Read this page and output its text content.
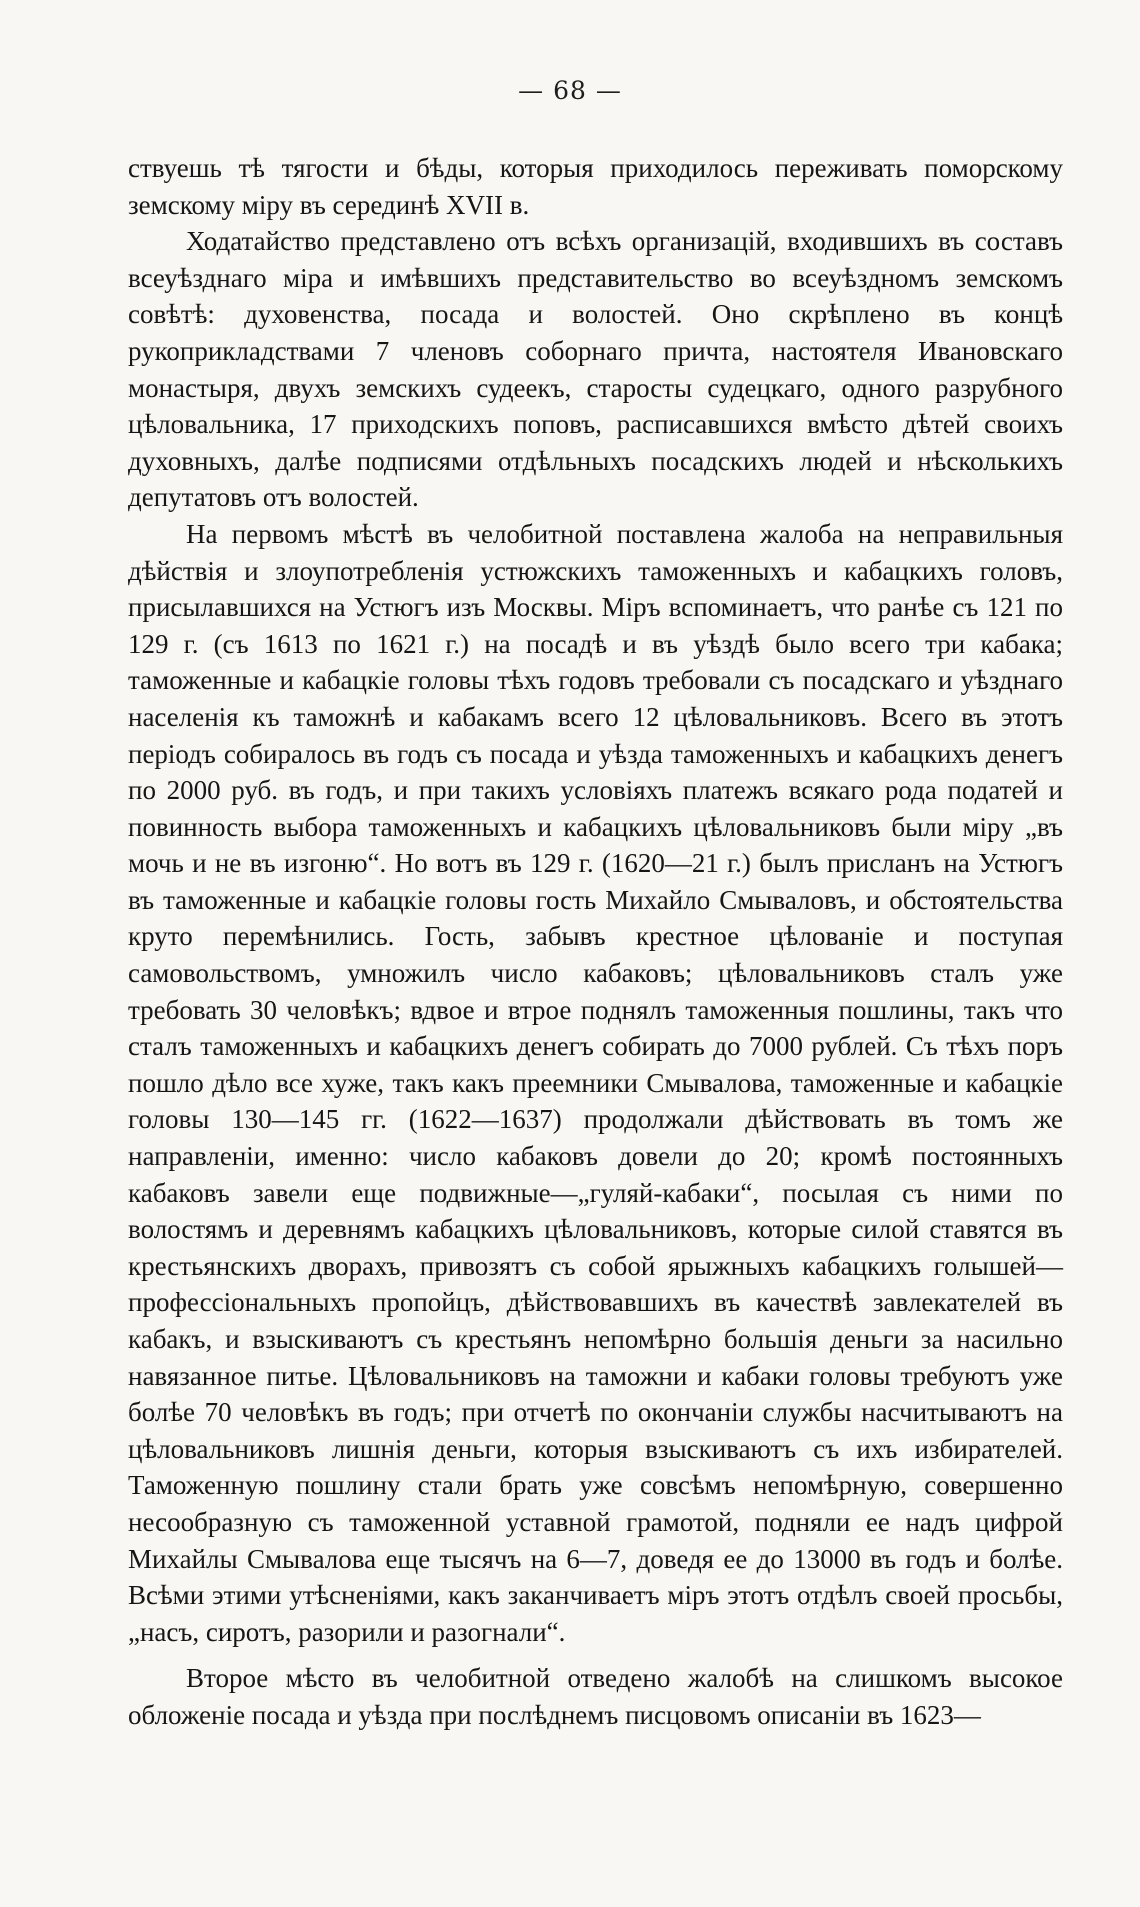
— 68 —

ствуешь тѣ тягости и бѣды, которыя приходилось переживать поморскому земскому міру въ серединѣ XVII в.

Ходатайство представлено отъ всѣхъ организацій, входившихъ въ составъ всеуѣзднаго міра и имѣвшихъ представительство во всеуѣздномъ земскомъ совѣтѣ: духовенства, посада и волостей. Оно скрѣплено въ концѣ рукоприкладствами 7 членовъ соборнаго причта, настоятеля Ивановскаго монастыря, двухъ земскихъ судеекъ, старосты судецкаго, одного разрубного цѣловальника, 17 приходскихъ поповъ, расписавшихся вмѣсто дѣтей своихъ духовныхъ, далѣе подписями отдѣльныхъ посадскихъ людей и нѣсколькихъ депутатовъ отъ волостей.

На первомъ мѣстѣ въ челобитной поставлена жалоба на неправильныя дѣйствія и злоупотребленія устюжскихъ таможенныхъ и кабацкихъ головъ, присылавшихся на Устюгъ изъ Москвы. Міръ вспоминаетъ, что ранѣе съ 121 по 129 г. (съ 1613 по 1621 г.) на посадѣ и въ уѣздѣ было всего три кабака; таможенные и кабацкіе головы тѣхъ годовъ требовали съ посадскаго и уѣзднаго населенія къ таможнѣ и кабакамъ всего 12 цѣловальниковъ. Всего въ этотъ періодъ собиралось въ годъ съ посада и уѣзда таможенныхъ и кабацкихъ денегъ по 2000 руб. въ годъ, и при такихъ условіяхъ платежъ всякаго рода податей и повинность выбора таможенныхъ и кабацкихъ цѣловальниковъ были міру „въ мочь и не въ изгоню“. Но вотъ въ 129 г. (1620—21 г.) былъ присланъ на Устюгъ въ таможенные и кабацкіе головы гость Михайло Смываловъ, и обстоятельства круто перемѣнились. Гость, забывъ крестное цѣлованіе и поступая самовольствомъ, умножилъ число кабаковъ; цѣловальниковъ сталъ уже требовать 30 человѣкъ; вдвое и втрое поднялъ таможенныя пошлины, такъ что сталъ таможенныхъ и кабацкихъ денегъ собирать до 7000 рублей. Съ тѣхъ поръ пошло дѣло все хуже, такъ какъ преемники Смывалова, таможенные и кабацкіе головы 130—145 гг. (1622—1637) продолжали дѣйствовать въ томъ же направленіи, именно: число кабаковъ довели до 20; кромѣ постоянныхъ кабаковъ завели еще подвижные—„гуляй-кабаки“, посылая съ ними по волостямъ и деревнямъ кабацкихъ цѣловальниковъ, которые силой ставятся въ крестьянскихъ дворахъ, привозятъ съ собой ярыжныхъ кабацкихъ голышей—профессіональныхъ пропойцъ, дѣйствовавшихъ въ качествѣ завлекателей въ кабакъ, и взыскиваютъ съ крестьянъ непомѣрно большія деньги за насильно навязанное питье. Цѣловальниковъ на таможни и кабаки головы требуютъ уже болѣе 70 человѣкъ въ годъ; при отчетѣ по окончаніи службы насчитываютъ на цѣловальниковъ лишнія деньги, которыя взыскиваютъ съ ихъ избирателей. Таможенную пошлину стали брать уже совсѣмъ непомѣрную, совершенно несообразную съ таможенной уставной грамотой, подняли ее надъ цифрой Михайлы Смывалова еще тысячъ на 6—7, доведя ее до 13000 въ годъ и болѣе. Всѣми этими утѣсненіями, какъ заканчиваетъ міръ этотъ отдѣлъ своей просьбы, „насъ, сиротъ, разорили и разогнали“.

Второе мѣсто въ челобитной отведено жалобѣ на слишкомъ высокое обложеніе посада и уѣзда при послѣднемъ писцовомъ описаніи въ 1623—
